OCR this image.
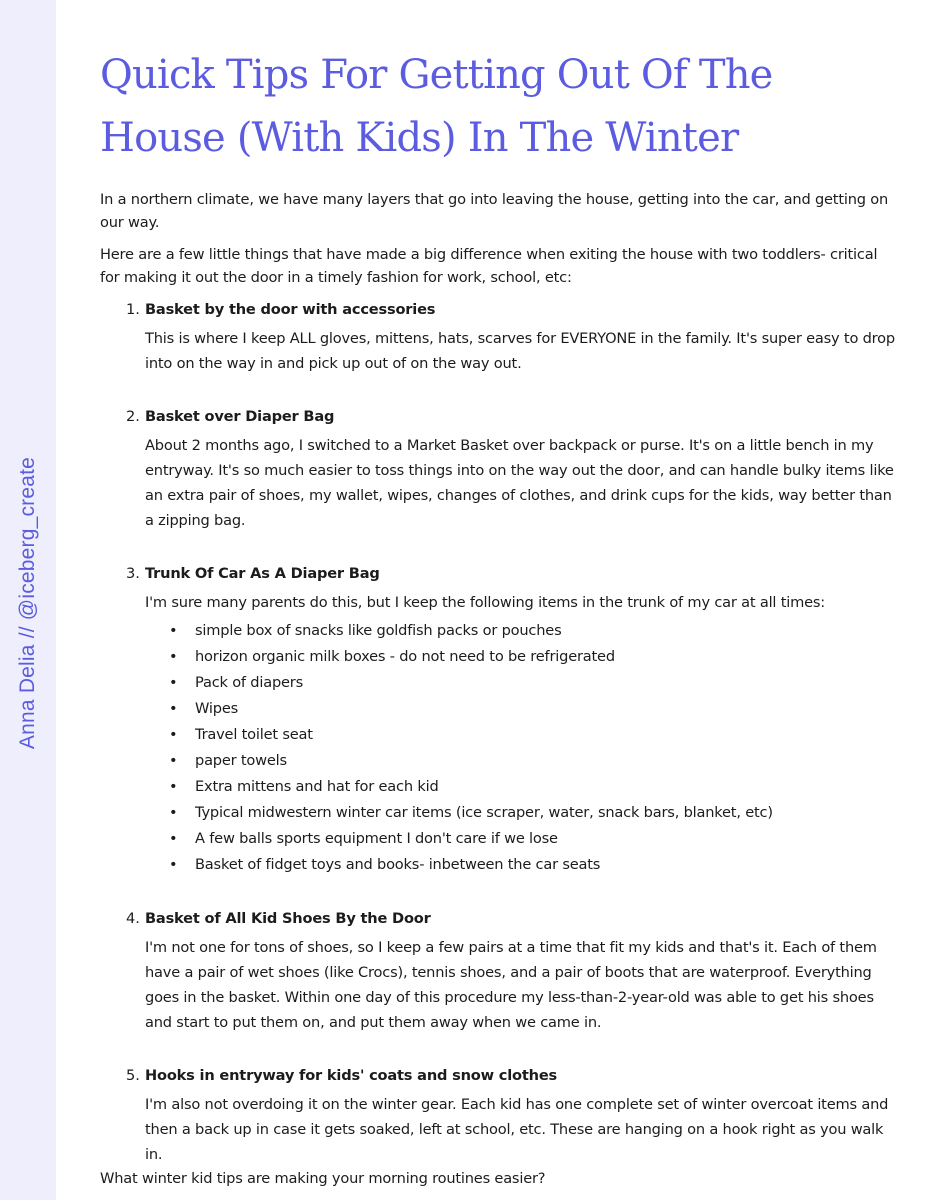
Anna Delia // @iceberg_create
Quick Tips For Getting Out Of The House (With Kids) In The Winter

In a northern climate, we have many layers that go into leaving the house, getting into the car, and getting on our way.

Here are a few little things that have made a big difference when exiting the house with two toddlers- critical for making it out the door in a timely fashion for work, school, etc:

1. Basket by the door with accessories
This is where I keep ALL gloves, mittens, hats, scarves for EVERYONE in the family. It's super easy to drop into on the way in and pick up out of on the way out.
2. Basket over Diaper Bag
About 2 months ago, I switched to a Market Basket over backpack or purse. It's on a little bench in my entryway. It's so much easier to toss things into on the way out the door, and can handle bulky items like an extra pair of shoes, my wallet, wipes, changes of clothes, and drink cups for the kids, way better than a zipping bag.
3. Trunk Of Car As A Diaper Bag
I'm sure many parents do this, but I keep the following items in the trunk of my car at all times:
• simple box of snacks like goldfish packs or pouches
• horizon organic milk boxes - do not need to be refrigerated
• Pack of diapers
• Wipes
• Travel toilet seat
• paper towels
• Extra mittens and hat for each kid
• Typical midwestern winter car items (ice scraper, water, snack bars, blanket, etc)
• A few balls sports equipment I don't care if we lose
• Basket of fidget toys and books- inbetween the car seats
4. Basket of All Kid Shoes By the Door
I'm not one for tons of shoes, so I keep a few pairs at a time that fit my kids and that's it. Each of them have a pair of wet shoes (like Crocs), tennis shoes, and a pair of boots that are waterproof. Everything goes in the basket. Within one day of this procedure my less-than-2-year-old was able to get his shoes and start to put them on, and put them away when we came in.
5. Hooks in entryway for kids' coats and snow clothes
I'm also not overdoing it on the winter gear. Each kid has one complete set of winter overcoat items and then a back up in case it gets soaked, left at school, etc. These are hanging on a hook right as you walk in.

What winter kid tips are making your morning routines easier?
